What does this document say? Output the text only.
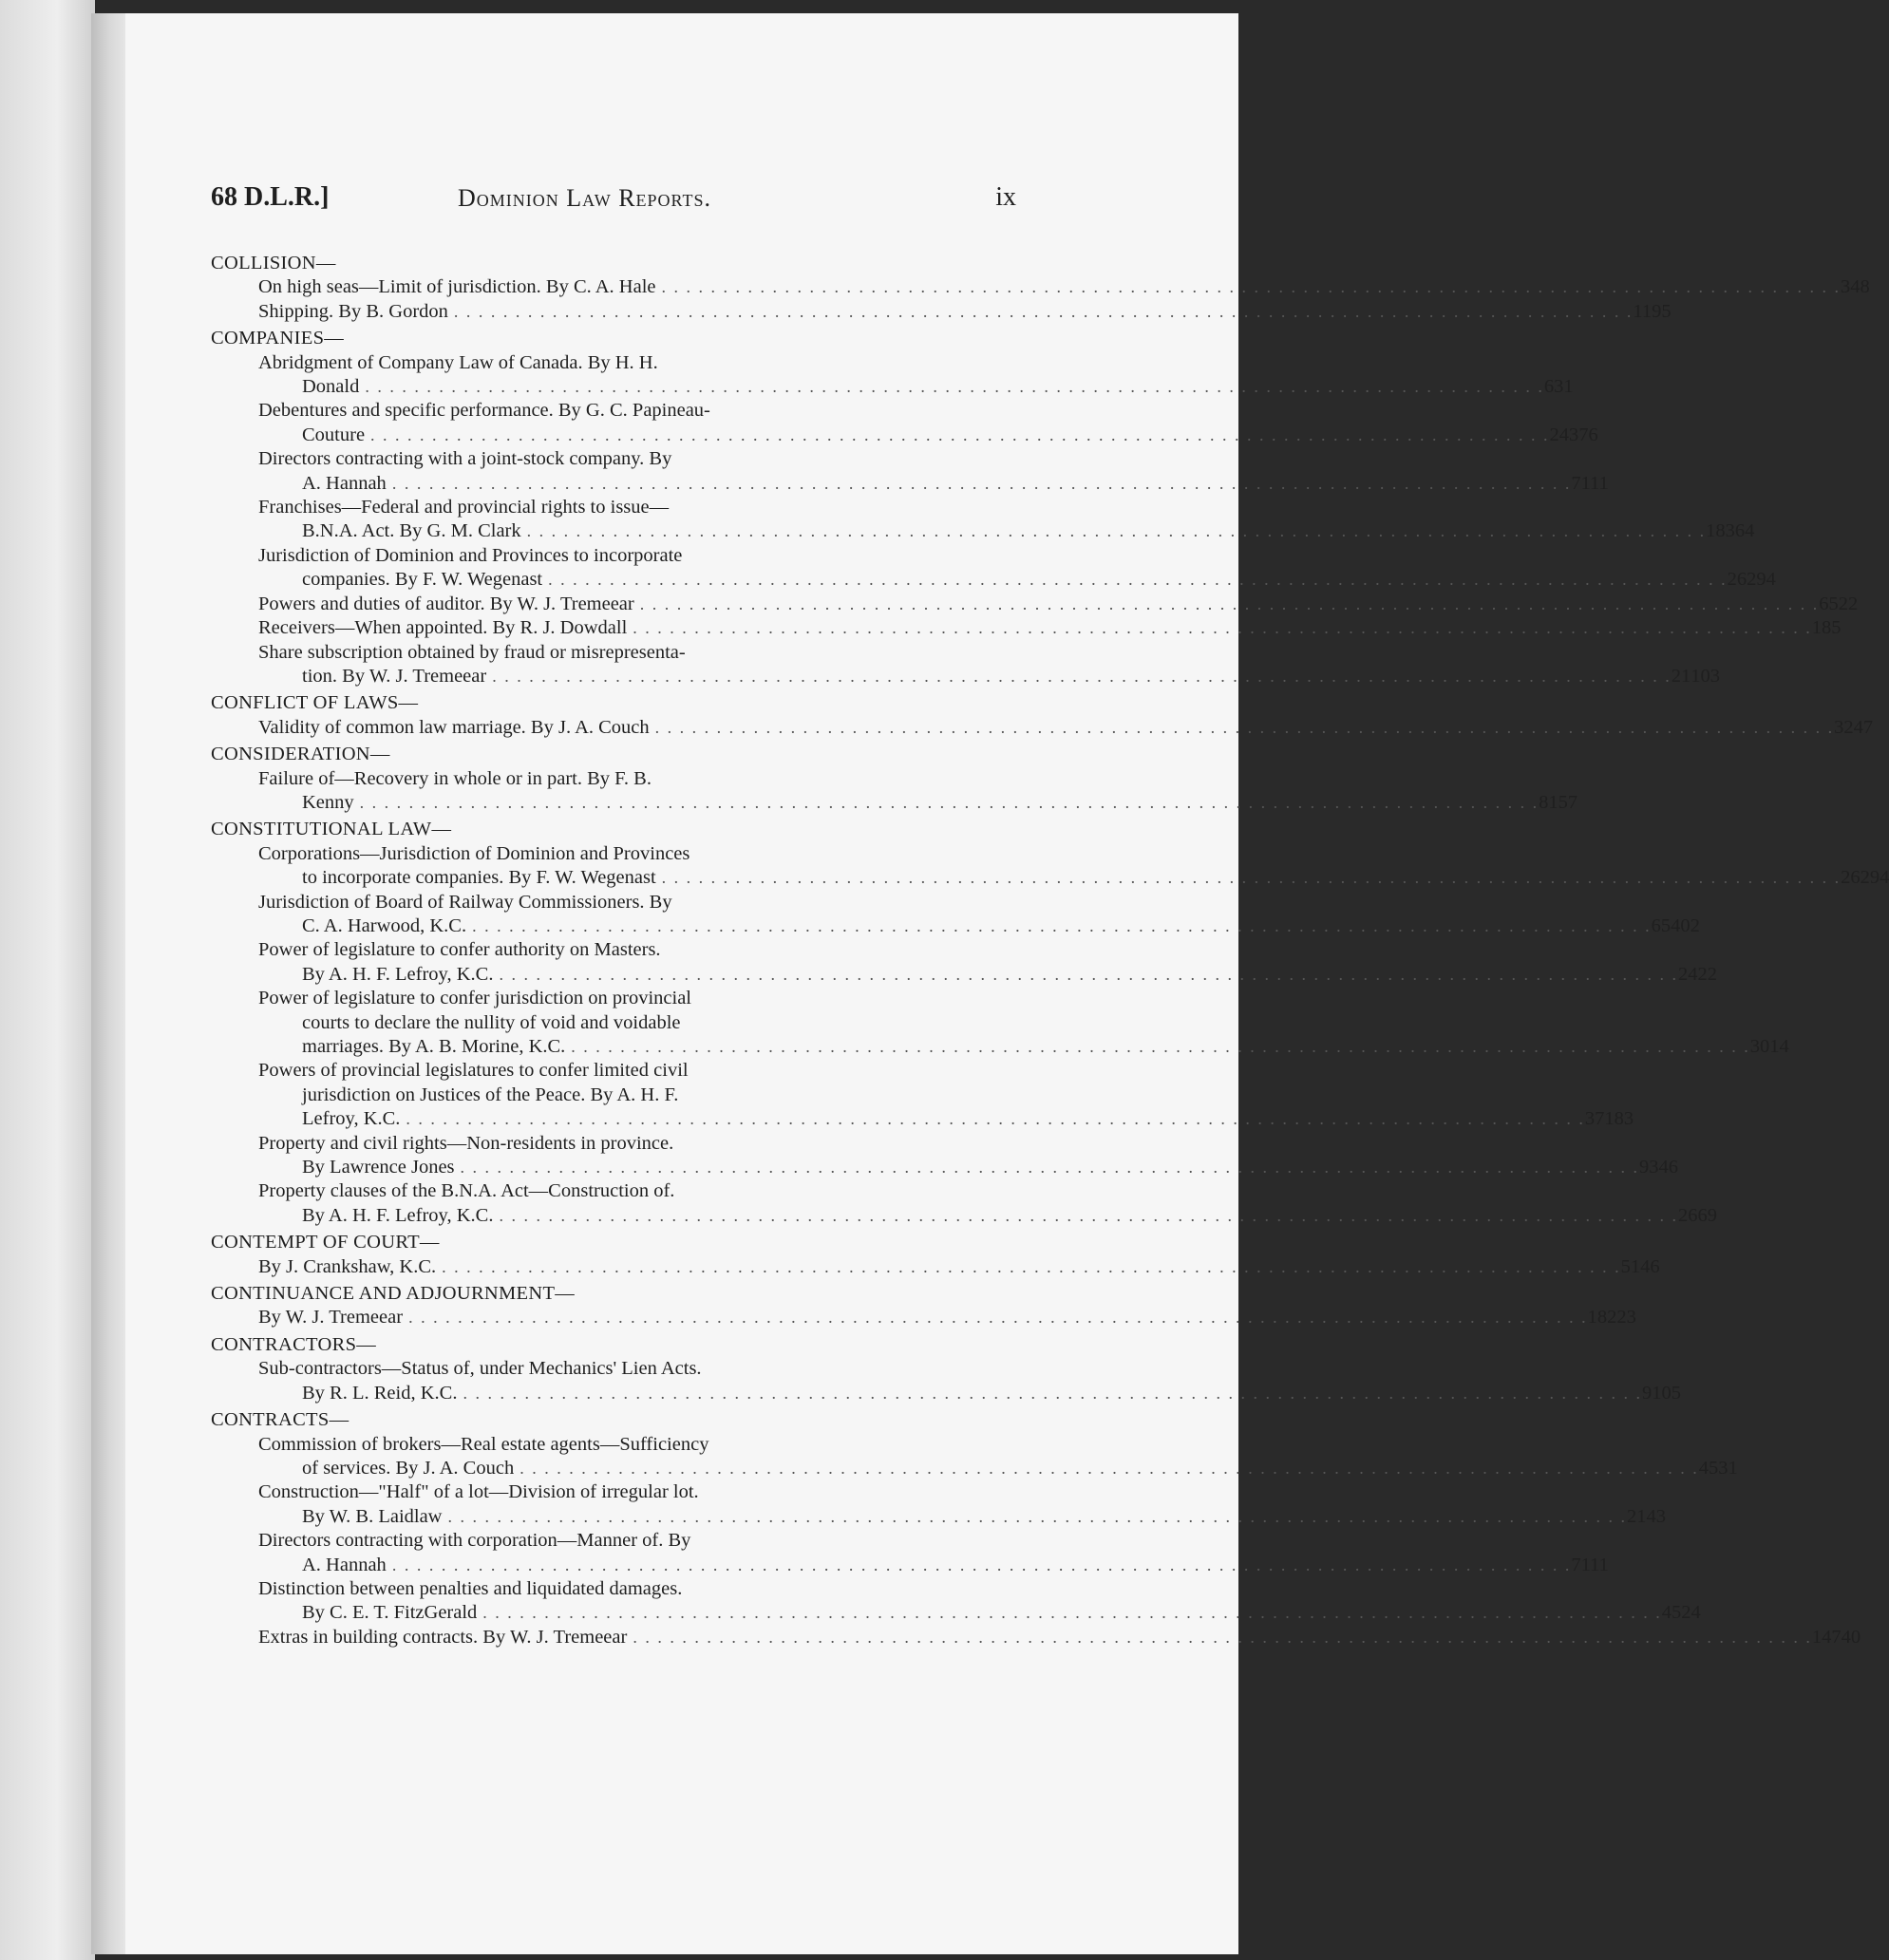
68 D.L.R.]	Dominion Law Reports.	ix
COLLISION—
On high seas—Limit of jurisdiction. By C. A. Hale . . .	34 8
Shipping. By B. Gordon . . .	11 95
COMPANIES—
Abridgment of Company Law of Canada. By H. H.
Donald . . .	63 1
Debentures and specific performance. By G. C. Papineau-
Couture . . .	24 376
Directors contracting with a joint-stock company. By
A. Hannah . . .	7 111
Franchises—Federal and provincial rights to issue—
B.N.A. Act. By G. M. Clark . . .	18 364
Jurisdiction of Dominion and Provinces to incorporate
companies. By F. W. Wegenast . . .	26 294
Powers and duties of auditor. By W. J. Tremeear . . .	6 522
Receivers—When appointed. By R. J. Dowdall . . .	18 5
Share subscription obtained by fraud or misrepresenta-
tion. By W. J. Tremeear . . .	21 103
CONFLICT OF LAWS—
Validity of common law marriage. By J. A. Couch . . .	3 247
CONSIDERATION—
Failure of—Recovery in whole or in part. By F. B.
Kenny . . .	8 157
CONSTITUTIONAL LAW—
Corporations—Jurisdiction of Dominion and Provinces
to incorporate companies. By F. W. Wegenast . . .	26 294
Jurisdiction of Board of Railway Commissioners. By
C. A. Harwood, K.C. . . .	65 402
Power of legislature to confer authority on Masters.
By A. H. F. Lefroy, K.C. . . .	24 22
Power of legislature to confer jurisdiction on provincial
courts to declare the nullity of void and voidable
marriages. By A. B. Morine, K.C. . . .	30 14
Powers of provincial legislatures to confer limited civil
jurisdiction on Justices of the Peace. By A. H. F.
Lefroy, K.C. . . .	37 183
Property and civil rights—Non-residents in province.
By Lawrence Jones . . .	9 346
Property clauses of the B.N.A. Act—Construction of.
By A. H. F. Lefroy, K.C. . . .	26 69
CONTEMPT OF COURT—
By J. Crankshaw, K.C. . . .	51 46
CONTINUANCE AND ADJOURNMENT—
By W. J. Tremeear . . .	18 223
CONTRACTORS—
Sub-contractors—Status of, under Mechanics' Lien Acts.
By R. L. Reid, K.C. . . .	9 105
CONTRACTS—
Commission of brokers—Real estate agents—Sufficiency
of services. By J. A. Couch . . .	4 531
Construction—"Half" of a lot—Division of irregular lot.
By W. B. Laidlaw . . .	2 143
Directors contracting with corporation—Manner of. By
A. Hannah . . .	7 111
Distinction between penalties and liquidated damages.
By C. E. T. FitzGerald . . .	45 24
Extras in building contracts. By W. J. Tremeear . . .	14 740
